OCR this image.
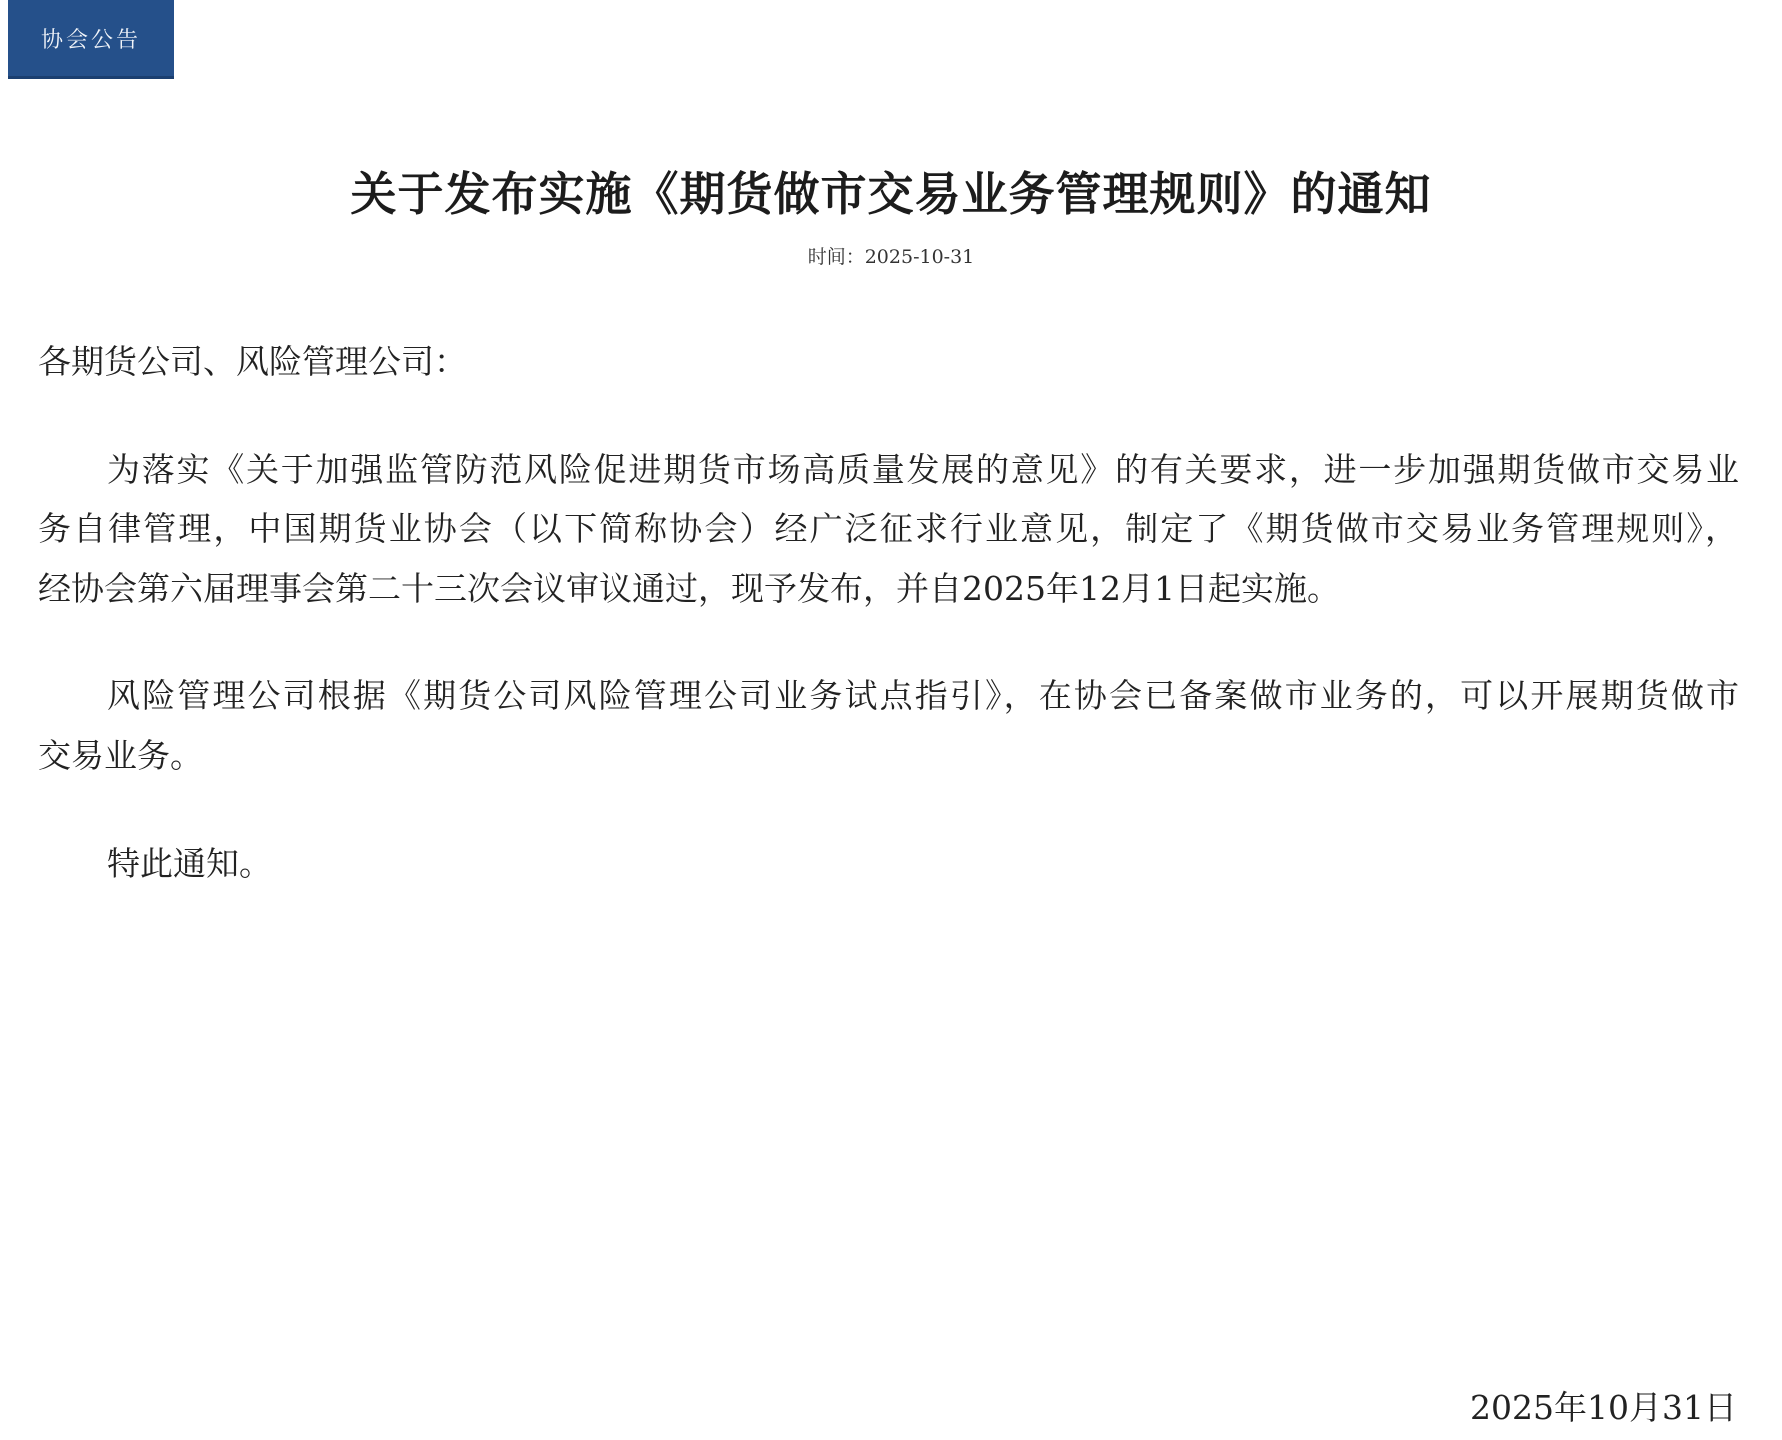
协会公告
关于发布实施《期货做市交易业务管理规则》的通知
时间：2025-10-31
各期货公司、风险管理公司：
为落实《关于加强监管防范风险促进期货市场高质量发展的意见》的有关要求，进一步加强期货做市交易业
务自律管理，中国期货业协会（以下简称协会）经广泛征求行业意见，制定了《期货做市交易业务管理规则》，
经协会第六届理事会第二十三次会议审议通过，现予发布，并自2025年12月1日起实施。
风险管理公司根据《期货公司风险管理公司业务试点指引》，在协会已备案做市业务的，可以开展期货做市
交易业务。
特此通知。
2025年10月31日
